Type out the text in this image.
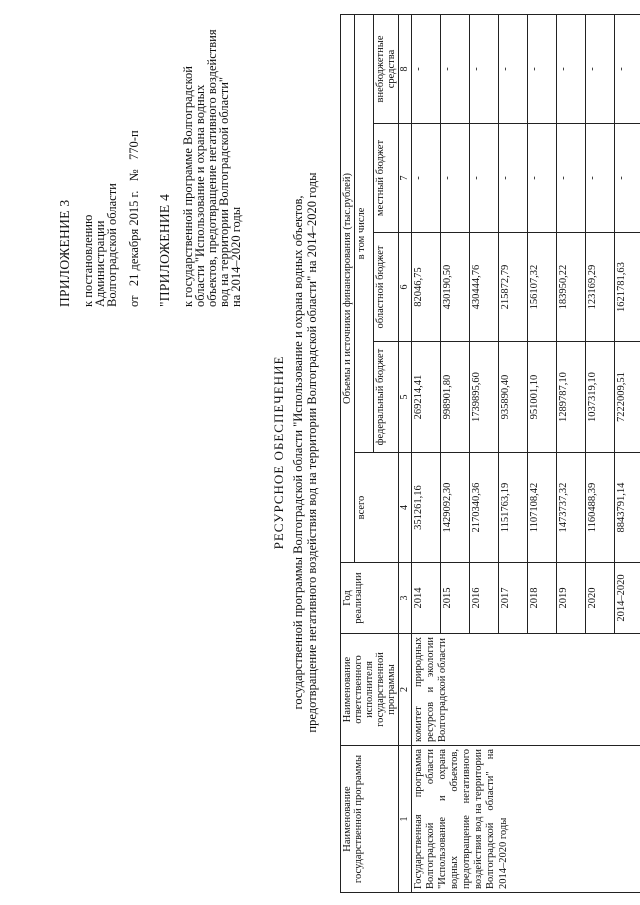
ПРИЛОЖЕНИЕ 3 к постановлению
Администрации
Волгоградской области от   21 декабря 2015 г.   №   770-п
"ПРИЛОЖЕНИЕ 4 к государственной программе Волгоградской
области "Использование и охрана водных
объектов, предотвращение негативного воздействия
вод на территории Волгоградской области"
на 2014–2020 годы
РЕСУРСНОЕ ОБЕСПЕЧЕНИЕ государственной программы Волгоградской области "Использование и охрана водных объектов, предотвращение негативного воздействия вод на территории Волгоградской области" на 2014–2020 годы
Наименование государственной программы	Наименование ответственного исполнителя государственной программы	Год реализации	Объемы и источники финансирования (тыс.рублей)				
			всего	в том числе			
				федеральный бюджет	областной бюджет	местный бюджет	внебюджетные средства
1	2	3	4	5	6	7	8
Государственная программа Волгоградской области "Использование и охрана водных объектов, предотвращение негативного воздействия вод на территории Волгоградской области" на 2014–2020 годы	комитет природных ресурсов и экологии Волгоградской области	2014	351261,16	269214,41	82046,75	-	-
		2015	1429092,30	998901,80	430190,50	-	-
		2016	2170340,36	1739895,60	430444,76	-	-
		2017	1151763,19	935890,40	215872,79	-	-
		2018	1107108,42	951001,10	156107,32	-	-
		2019	1473737,32	1289787,10	183950,22	-	-
		2020	1160488,39	1037319,10	123169,29	-	-
		2014–2020	8843791,14	7222009,51	1621781,63	-	-
